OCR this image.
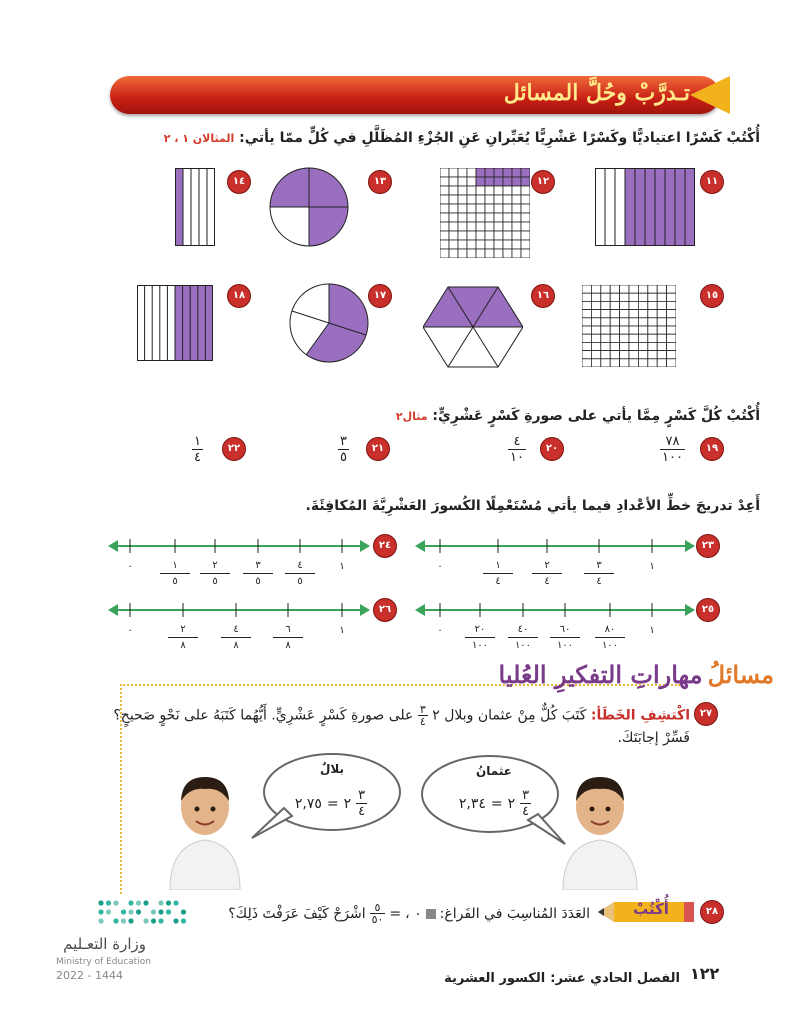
تـدرَّبْ وحُلَّ المسائل
أُكْتُبْ كَسْرًا اعتياديًّا وكَسْرًا عَشْرِيًّا يُعَبِّرانِ عَنِ الجُزْءِ المُظَلَّلِ في كُلٍّ ممّا يأتي: المثالان ١ ، ٢
١١
١٢
١٣
١٤
١٥
١٦
١٧
١٨
أُكْتُبْ كُلَّ كَسْرٍ مِمَّا يأتي على صورةِ كَسْرٍ عَشْرِيٍّ: مثال٢
١٩
٧٨
١٠٠
٢٠
٤
١٠
٢١
٣
٥
٢٢
١
٤
أَعِدْ تدريجَ خطِّ الأعْدادِ فيما يأتي مُسْتَعْمِلًا الكُسورَ العَشْرِيَّةَ المُكافِئَةَ.
٢٣
٠	١
٤
٢
٤
٣
٤
١
٢٤
٠	١
٥
٢
٥
٣
٥
٤
٥
١
٢٥
٠	٢٠
١٠٠
٤٠
١٠٠
٦٠
١٠٠
٨٠
١٠٠
١
٢٦
٠	٢
٨
٤
٨
٦
٨
١
مسائلُ مهاراتِ التفكيرِ العُليا
٢٧
اكْتشِفِ الخَطَأ: كَتَبَ كُلٌّ مِنْ عثمان وبلال ٢
$\frac{٣}{٤}$
على صورةِ كَسْرٍ عَشْرِيٍّ. أَيُّهُما كَتَبَهُ على نَحْوٍ صَحيحٍ؟
فَسِّرْ إجابَتَكَ.
عثمانُ
٢,٣٤ = ٢ $\frac{٣}{٤}$
بلالٌ
٢,٧٥ = ٢ $\frac{٣}{٤}$
٢٨
أُكْتُبْ
العَدَدَ المُناسِبَ في الفَراغ:
٠ ،
=
$\frac{٥}{٥٠}$
اشْرَحْ كَيْفَ عَرَفْتَ ذَلِكَ؟
وزارة التعـليم
Ministry of Education
2022 - 1444	١٢٢
الفصل الحادي عشر: الكسور العشرية
